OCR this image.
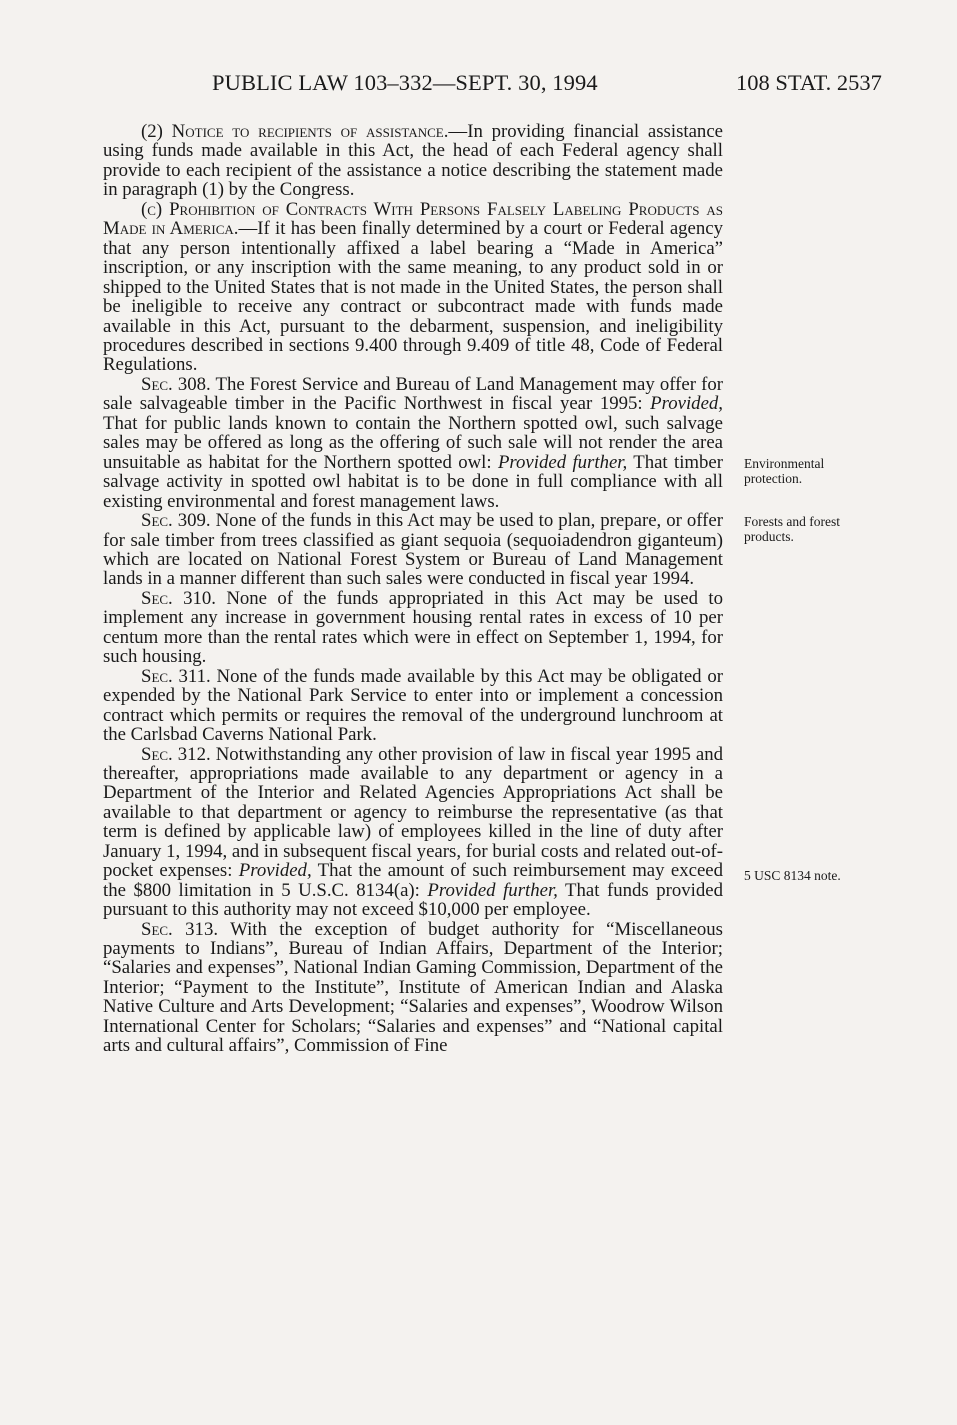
PUBLIC LAW 103–332—SEPT. 30, 1994	108 STAT. 2537
Environmental protection.
Forests and forest products.
5 USC 8134 note.

(2) Notice to recipients of assistance.—In providing financial assistance using funds made available in this Act, the head of each Federal agency shall provide to each recipient of the assistance a notice describing the statement made in paragraph (1) by the Congress.

(c) Prohibition of Contracts With Persons Falsely Labeling Products as Made in America.—If it has been finally determined by a court or Federal agency that any person intentionally affixed a label bearing a “Made in America” inscription, or any inscription with the same meaning, to any product sold in or shipped to the United States that is not made in the United States, the person shall be ineligible to receive any contract or subcontract made with funds made available in this Act, pursuant to the debarment, suspension, and ineligibility procedures described in sections 9.400 through 9.409 of title 48, Code of Federal Regulations.

Sec. 308. The Forest Service and Bureau of Land Management may offer for sale salvageable timber in the Pacific Northwest in fiscal year 1995: Provided, That for public lands known to contain the Northern spotted owl, such salvage sales may be offered as long as the offering of such sale will not render the area unsuitable as habitat for the Northern spotted owl: Provided further, That timber salvage activity in spotted owl habitat is to be done in full compliance with all existing environmental and forest management laws.

Sec. 309. None of the funds in this Act may be used to plan, prepare, or offer for sale timber from trees classified as giant sequoia (sequoiadendron giganteum) which are located on National Forest System or Bureau of Land Management lands in a manner different than such sales were conducted in fiscal year 1994.

Sec. 310. None of the funds appropriated in this Act may be used to implement any increase in government housing rental rates in excess of 10 per centum more than the rental rates which were in effect on September 1, 1994, for such housing.

Sec. 311. None of the funds made available by this Act may be obligated or expended by the National Park Service to enter into or implement a concession contract which permits or requires the removal of the underground lunchroom at the Carlsbad Caverns National Park.

Sec. 312. Notwithstanding any other provision of law in fiscal year 1995 and thereafter, appropriations made available to any department or agency in a Department of the Interior and Related Agencies Appropriations Act shall be available to that department or agency to reimburse the representative (as that term is defined by applicable law) of employees killed in the line of duty after January 1, 1994, and in subsequent fiscal years, for burial costs and related out-of-pocket expenses: Provided, That the amount of such reimbursement may exceed the $800 limitation in 5 U.S.C. 8134(a): Provided further, That funds provided pursuant to this authority may not exceed $10,000 per employee.

Sec. 313. With the exception of budget authority for “Miscellaneous payments to Indians”, Bureau of Indian Affairs, Department of the Interior; “Salaries and expenses”, National Indian Gaming Commission, Department of the Interior; “Payment to the Institute”, Institute of American Indian and Alaska Native Culture and Arts Development; “Salaries and expenses”, Woodrow Wilson International Center for Scholars; “Salaries and expenses” and “National capital arts and cultural affairs”, Commission of Fine
